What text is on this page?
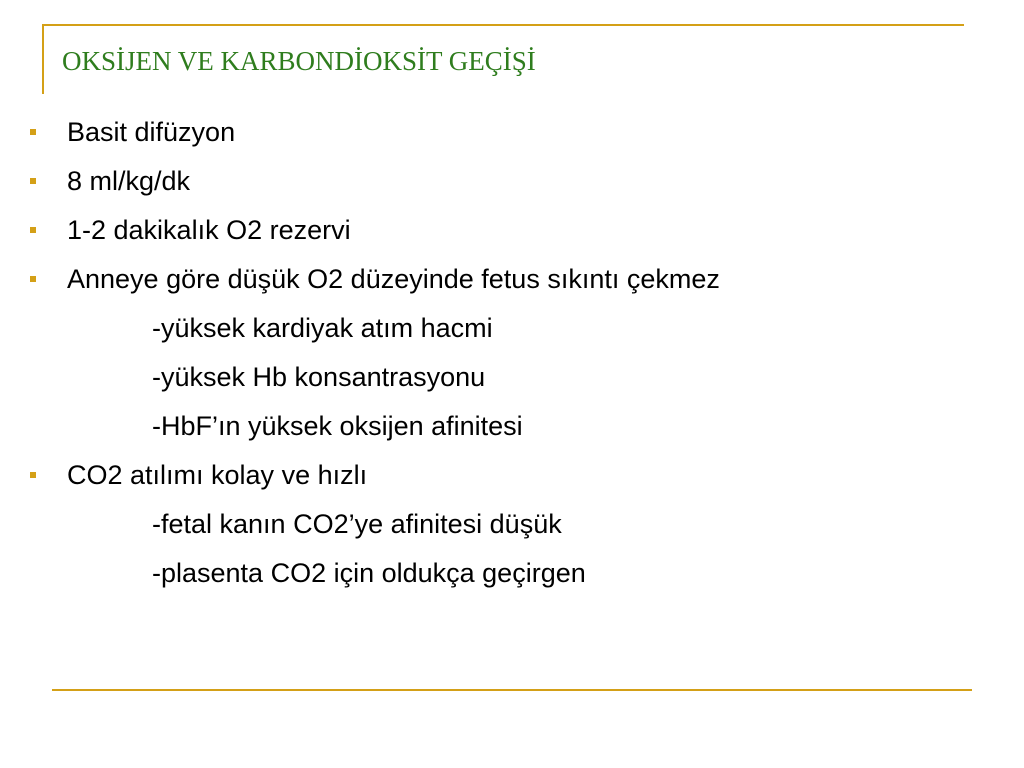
OKSİJEN VE KARBONDİOKSİT GEÇİŞİ
Basit difüzyon
8 ml/kg/dk
1-2 dakikalık O2 rezervi
Anneye göre düşük O2 düzeyinde fetus sıkıntı çekmez
-yüksek kardiyak atım hacmi
-yüksek Hb konsantrasyonu
-HbF’ın yüksek oksijen afinitesi
CO2 atılımı kolay ve hızlı
-fetal kanın CO2’ye afinitesi düşük
-plasenta CO2 için oldukça geçirgen
